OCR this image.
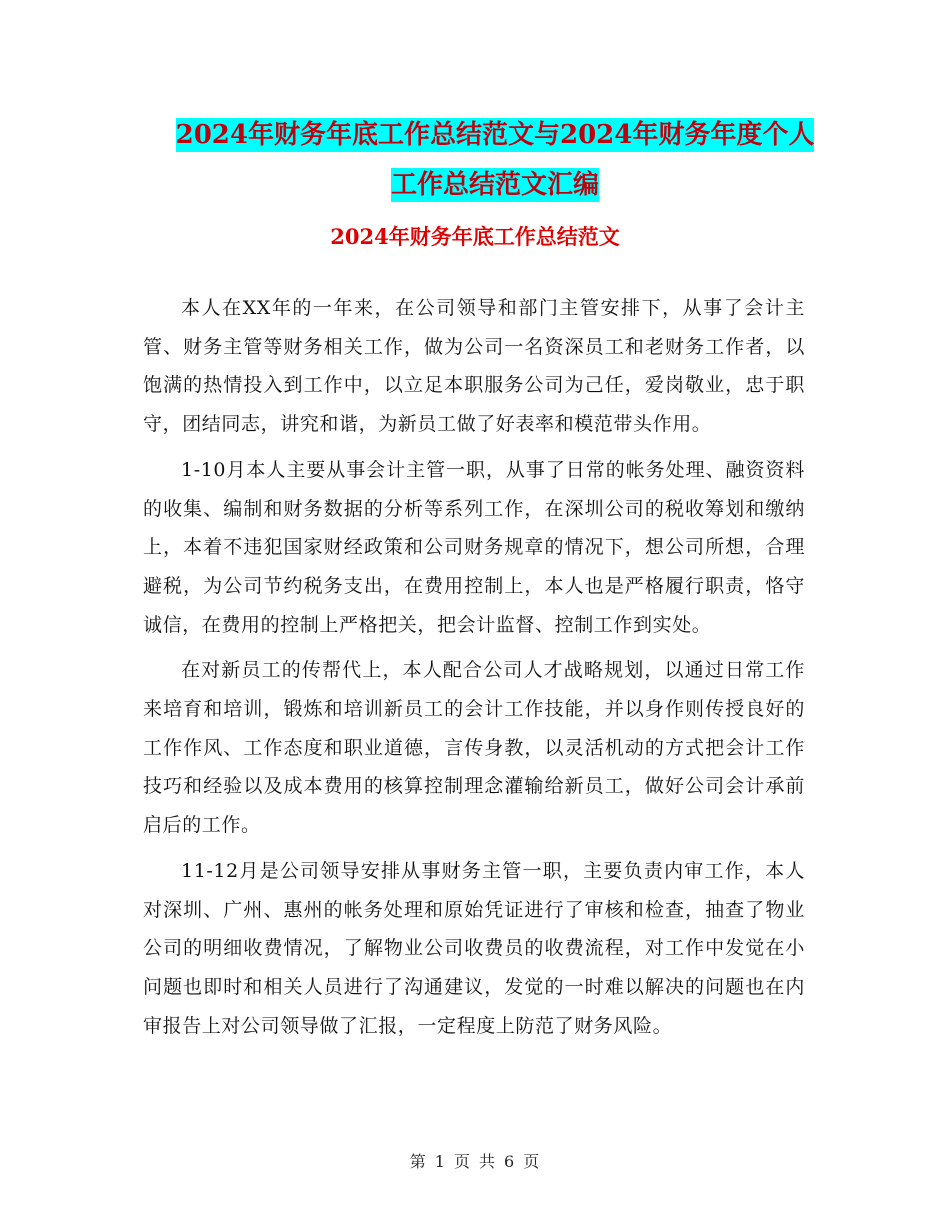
2024年财务年底工作总结范文与2024年财务年度个人
工作总结范文汇编
2024年财务年底工作总结范文

本人在XX年的一年来，在公司领导和部门主管安排下，从事了会计主管、财务主管等财务相关工作，做为公司一名资深员工和老财务工作者，以饱满的热情投入到工作中，以立足本职服务公司为己任，爱岗敬业，忠于职守，团结同志，讲究和谐，为新员工做了好表率和模范带头作用。

1-10月本人主要从事会计主管一职，从事了日常的帐务处理、融资资料的收集、编制和财务数据的分析等系列工作，在深圳公司的税收筹划和缴纳上，本着不违犯国家财经政策和公司财务规章的情况下，想公司所想，合理避税，为公司节约税务支出，在费用控制上，本人也是严格履行职责，恪守诚信，在费用的控制上严格把关，把会计监督、控制工作到实处。

在对新员工的传帮代上，本人配合公司人才战略规划，以通过日常工作来培育和培训，锻炼和培训新员工的会计工作技能，并以身作则传授良好的工作作风、工作态度和职业道德，言传身教，以灵活机动的方式把会计工作技巧和经验以及成本费用的核算控制理念灌输给新员工，做好公司会计承前启后的工作。

11-12月是公司领导安排从事财务主管一职，主要负责内审工作，本人对深圳、广州、惠州的帐务处理和原始凭证进行了审核和检查，抽查了物业公司的明细收费情况，了解物业公司收费员的收费流程，对工作中发觉在小问题也即时和相关人员进行了沟通建议，发觉的一时难以解决的问题也在内审报告上对公司领导做了汇报，一定程度上防范了财务风险。

第 1 页 共 6 页
